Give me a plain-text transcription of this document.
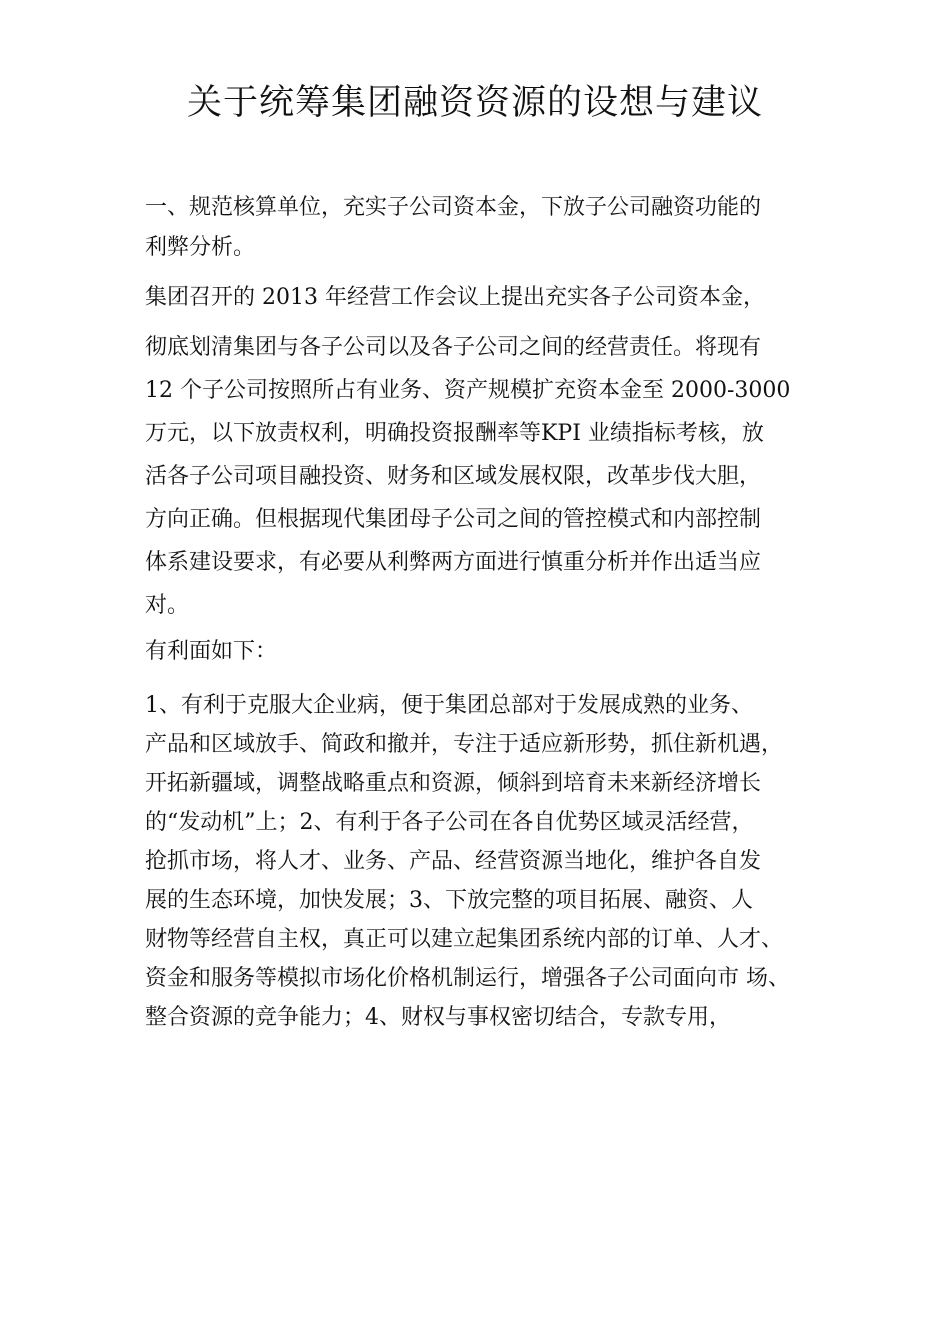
关于统筹集团融资资源的设想与建议
一、规范核算单位，充实子公司资本金，下放子公司融资功能的
利弊分析。
集团召开的 2013 年经营工作会议上提出充实各子公司资本金，
彻底划清集团与各子公司以及各子公司之间的经营责任。将现有
12 个子公司按照所占有业务、资产规模扩充资本金至 2000-3000
万元，以下放责权利，明确投资报酬率等KPI 业绩指标考核，放
活各子公司项目融投资、财务和区域发展权限，改革步伐大胆，
方向正确。但根据现代集团母子公司之间的管控模式和内部控制
体系建设要求，有必要从利弊两方面进行慎重分析并作出适当应
对。
有利面如下：
1、有利于克服大企业病，便于集团总部对于发展成熟的业务、
产品和区域放手、简政和撤并，专注于适应新形势，抓住新机遇，
开拓新疆域，调整战略重点和资源，倾斜到培育未来新经济增长
的“发动机”上；2、有利于各子公司在各自优势区域灵活经营，
抢抓市场，将人才、业务、产品、经营资源当地化，维护各自发
展的生态环境，加快发展；3、下放完整的项目拓展、融资、人
财物等经营自主权，真正可以建立起集团系统内部的订单、人才、
资金和服务等模拟市场化价格机制运行，增强各子公司面向市 场、
整合资源的竞争能力；4、财权与事权密切结合，专款专用，
